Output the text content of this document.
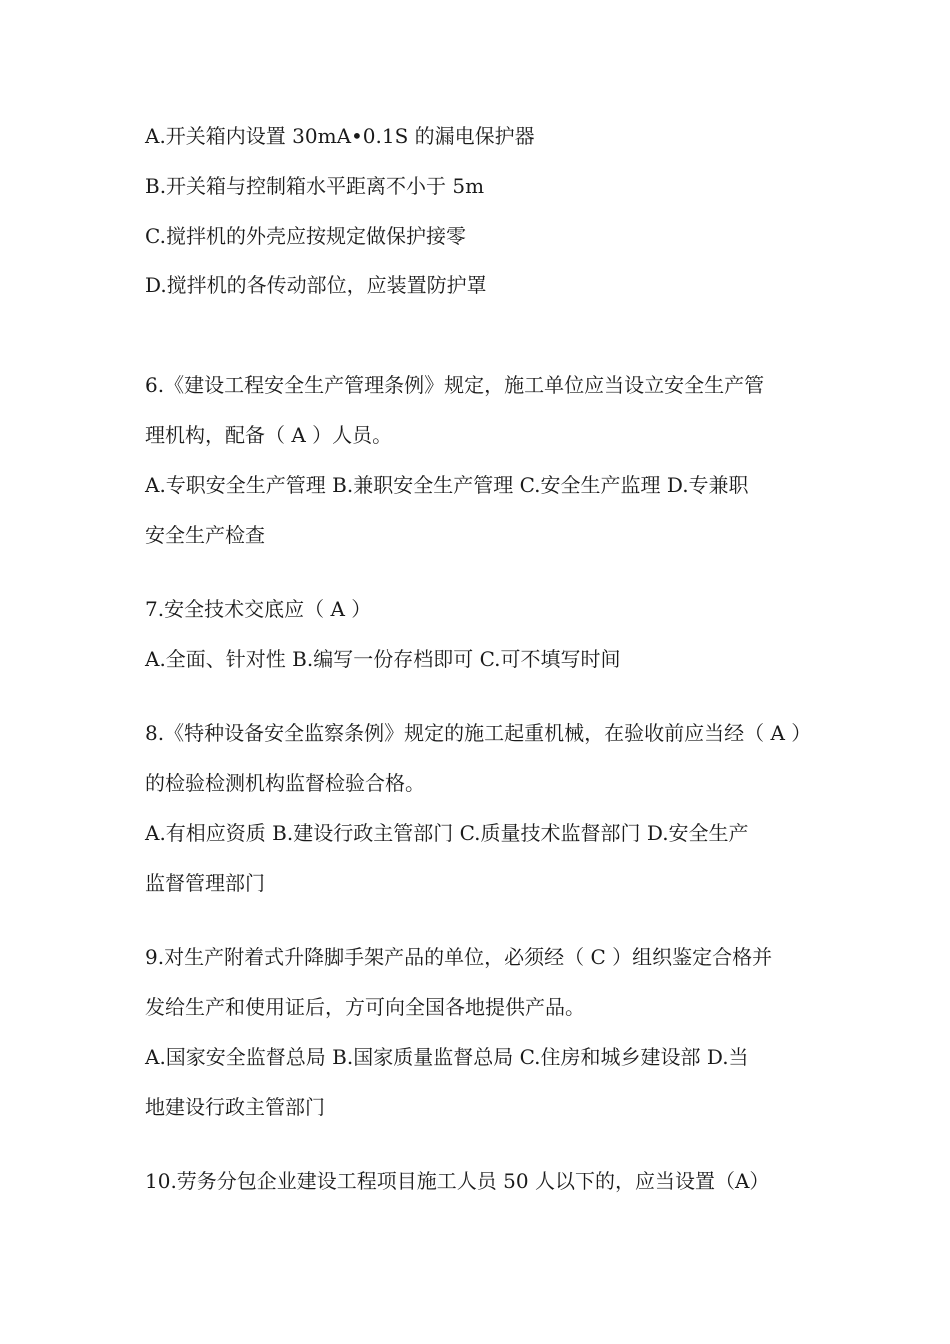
A.开关箱内设置 30mA•0.1S 的漏电保护器

B.开关箱与控制箱水平距离不小于 5m

C.搅拌机的外壳应按规定做保护接零

D.搅拌机的各传动部位，应装置防护罩

6.《建设工程安全生产管理条例》规定，施工单位应当设立安全生产管

理机构，配备（ A ）人员。

A.专职安全生产管理 B.兼职安全生产管理 C.安全生产监理 D.专兼职

安全生产检查

7.安全技术交底应（ A ）

A.全面、针对性 B.编写一份存档即可 C.可不填写时间

8.《特种设备安全监察条例》规定的施工起重机械，在验收前应当经（ A ）

的检验检测机构监督检验合格。

A.有相应资质 B.建设行政主管部门 C.质量技术监督部门 D.安全生产

监督管理部门

9.对生产附着式升降脚手架产品的单位，必须经（ C ）组织鉴定合格并

发给生产和使用证后，方可向全国各地提供产品。

A.国家安全监督总局 B.国家质量监督总局 C.住房和城乡建设部 D.当

地建设行政主管部门

10.劳务分包企业建设工程项目施工人员 50 人以下的，应当设置（A）
